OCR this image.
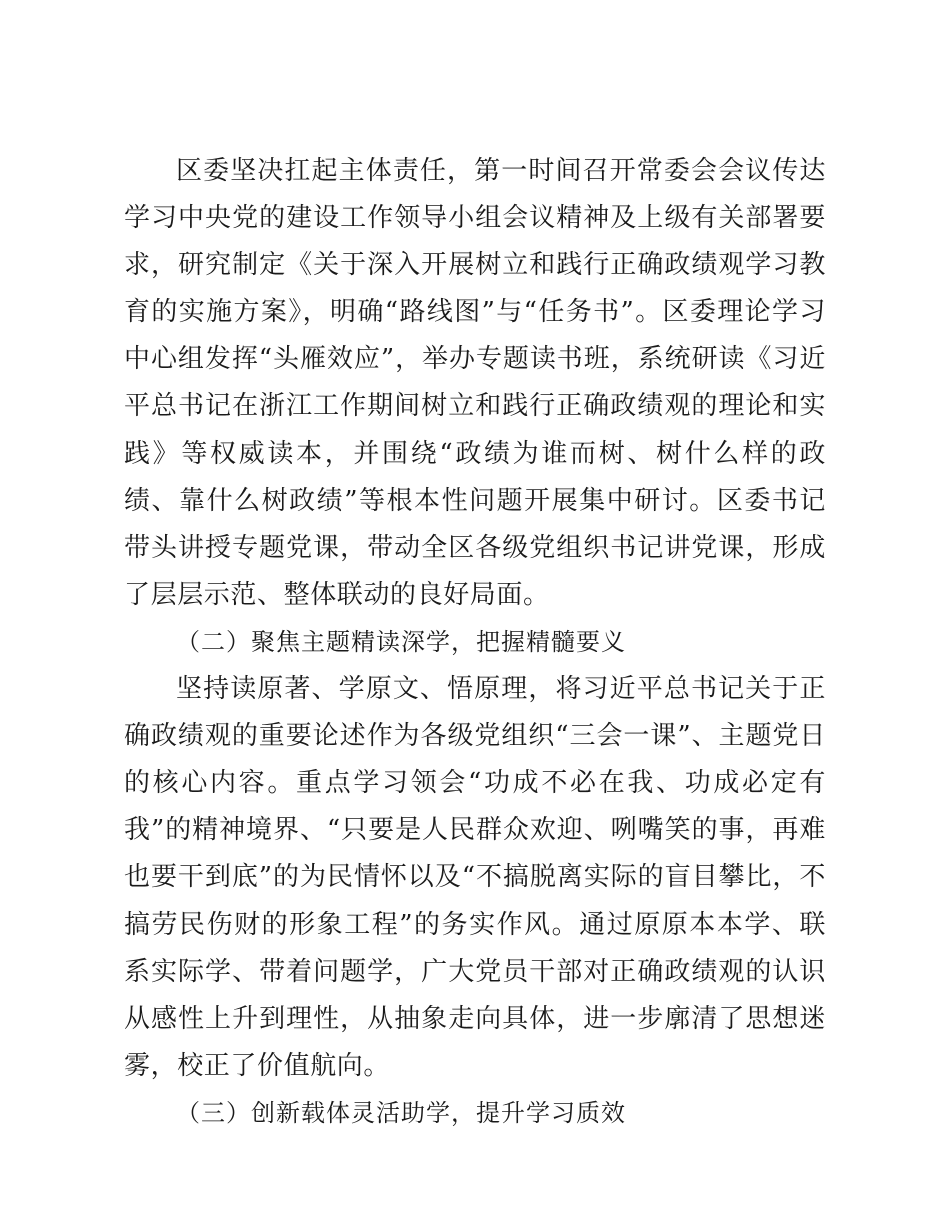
区委坚决扛起主体责任，第一时间召开常委会会议传达学习中央党的建设工作领导小组会议精神及上级有关部署要求，研究制定《关于深入开展树立和践行正确政绩观学习教育的实施方案》，明确“路线图”与“任务书”。区委理论学习中心组发挥“头雁效应”，举办专题读书班，系统研读《习近平总书记在浙江工作期间树立和践行正确政绩观的理论和实践》等权威读本，并围绕“政绩为谁而树、树什么样的政绩、靠什么树政绩”等根本性问题开展集中研讨。区委书记带头讲授专题党课，带动全区各级党组织书记讲党课，形成了层层示范、整体联动的良好局面。

（二）聚焦主题精读深学，把握精髓要义

坚持读原著、学原文、悟原理，将习近平总书记关于正确政绩观的重要论述作为各级党组织“三会一课”、主题党日的核心内容。重点学习领会“功成不必在我、功成必定有我”的精神境界、“只要是人民群众欢迎、咧嘴笑的事，再难也要干到底”的为民情怀以及“不搞脱离实际的盲目攀比，不搞劳民伤财的形象工程”的务实作风。通过原原本本学、联系实际学、带着问题学，广大党员干部对正确政绩观的认识从感性上升到理性，从抽象走向具体，进一步廓清了思想迷雾，校正了价值航向。

（三）创新载体灵活助学，提升学习质效
